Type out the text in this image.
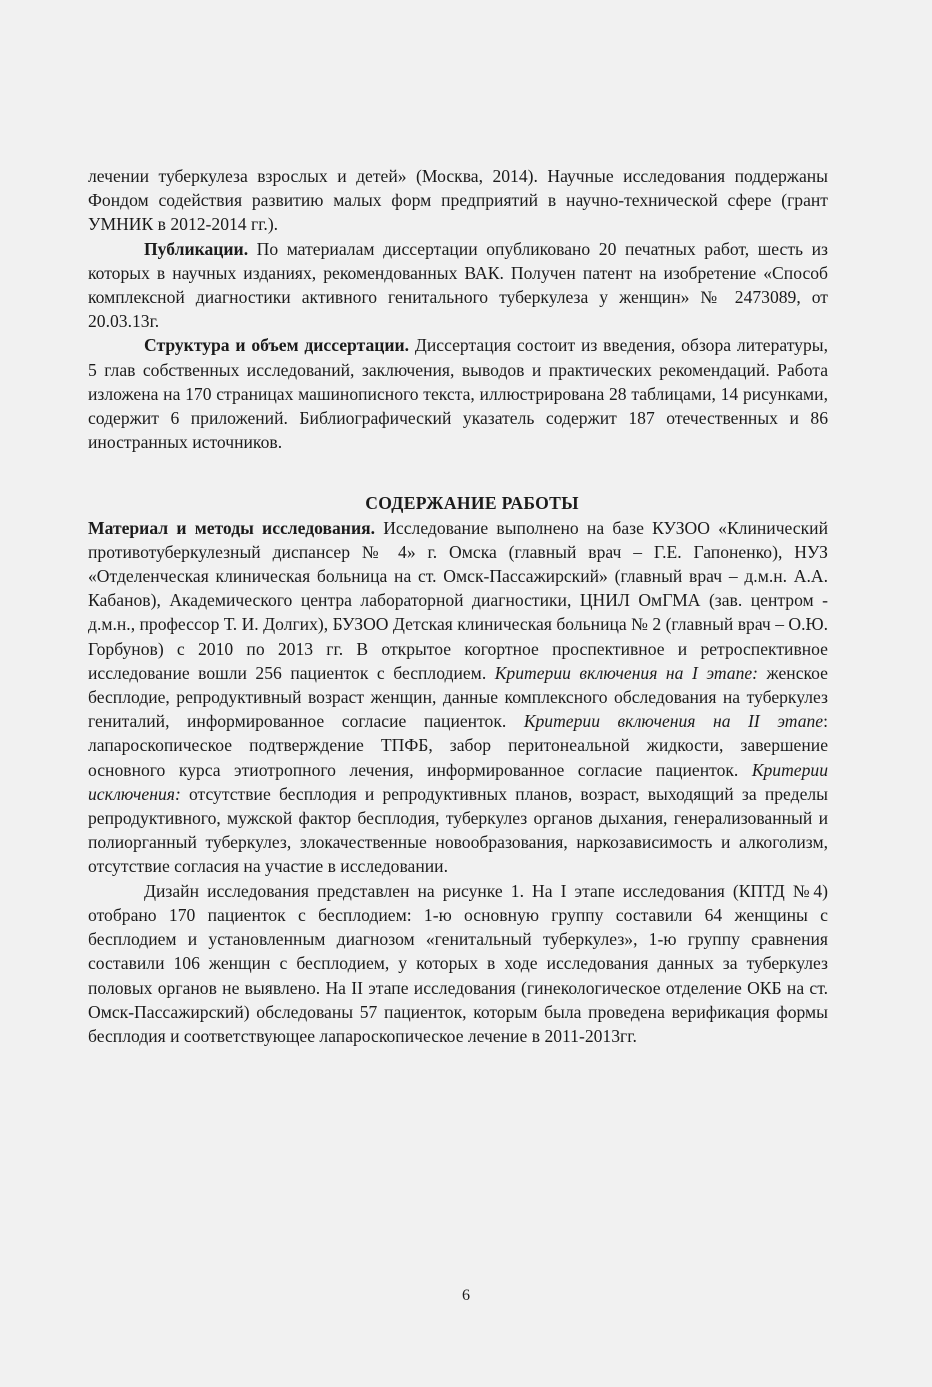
лечении туберкулеза взрослых и детей» (Москва, 2014). Научные исследования поддержаны Фондом содействия развитию малых форм предприятий в научно-технической сфере (грант УМНИК в 2012-2014 гг.).

Публикации. По материалам диссертации опубликовано 20 печатных работ, шесть из которых в научных изданиях, рекомендованных ВАК. Получен патент на изобретение «Способ комплексной диагностики активного генитального туберкулеза у женщин» № 2473089, от 20.03.13г.

Структура и объем диссертации. Диссертация состоит из введения, обзора литературы, 5 глав собственных исследований, заключения, выводов и практических рекомендаций. Работа изложена на 170 страницах машинописного текста, иллюстрирована 28 таблицами, 14 рисунками, содержит 6 приложений. Библиографический указатель содержит 187 отечественных и 86 иностранных источников.

СОДЕРЖАНИЕ РАБОТЫ

Материал и методы исследования. Исследование выполнено на базе КУЗОО «Клинический противотуберкулезный диспансер № 4» г. Омска (главный врач – Г.Е. Гапоненко), НУЗ «Отделенческая клиническая больница на ст. Омск-Пассажирский» (главный врач – д.м.н. А.А. Кабанов), Академического центра лабораторной диагностики, ЦНИЛ ОмГМА (зав. центром - д.м.н., профессор Т. И. Долгих), БУЗОО Детская клиническая больница № 2 (главный врач – О.Ю. Горбунов) с 2010 по 2013 гг. В открытое когортное проспективное и ретроспективное исследование вошли 256 пациенток с бесплодием. Критерии включения на I этапе: женское бесплодие, репродуктивный возраст женщин, данные комплексного обследования на туберкулез гениталий, информированное согласие пациенток. Критерии включения на II этапе: лапароскопическое подтверждение ТПФБ, забор перитонеальной жидкости, завершение основного курса этиотропного лечения, информированное согласие пациенток. Критерии исключения: отсутствие бесплодия и репродуктивных планов, возраст, выходящий за пределы репродуктивного, мужской фактор бесплодия, туберкулез органов дыхания, генерализованный и полиорганный туберкулез, злокачественные новообразования, наркозависимость и алкоголизм, отсутствие согласия на участие в исследовании.

Дизайн исследования представлен на рисунке 1. На I этапе исследования (КПТД №4) отобрано 170 пациенток с бесплодием: 1-ю основную группу составили 64 женщины с бесплодием и установленным диагнозом «генитальный туберкулез», 1-ю группу сравнения составили 106 женщин с бесплодием, у которых в ходе исследования данных за туберкулез половых органов не выявлено. На II этапе исследования (гинекологическое отделение ОКБ на ст. Омск-Пассажирский) обследованы 57 пациенток, которым была проведена верификация формы бесплодия и соответствующее лапароскопическое лечение в 2011-2013гг.

6
